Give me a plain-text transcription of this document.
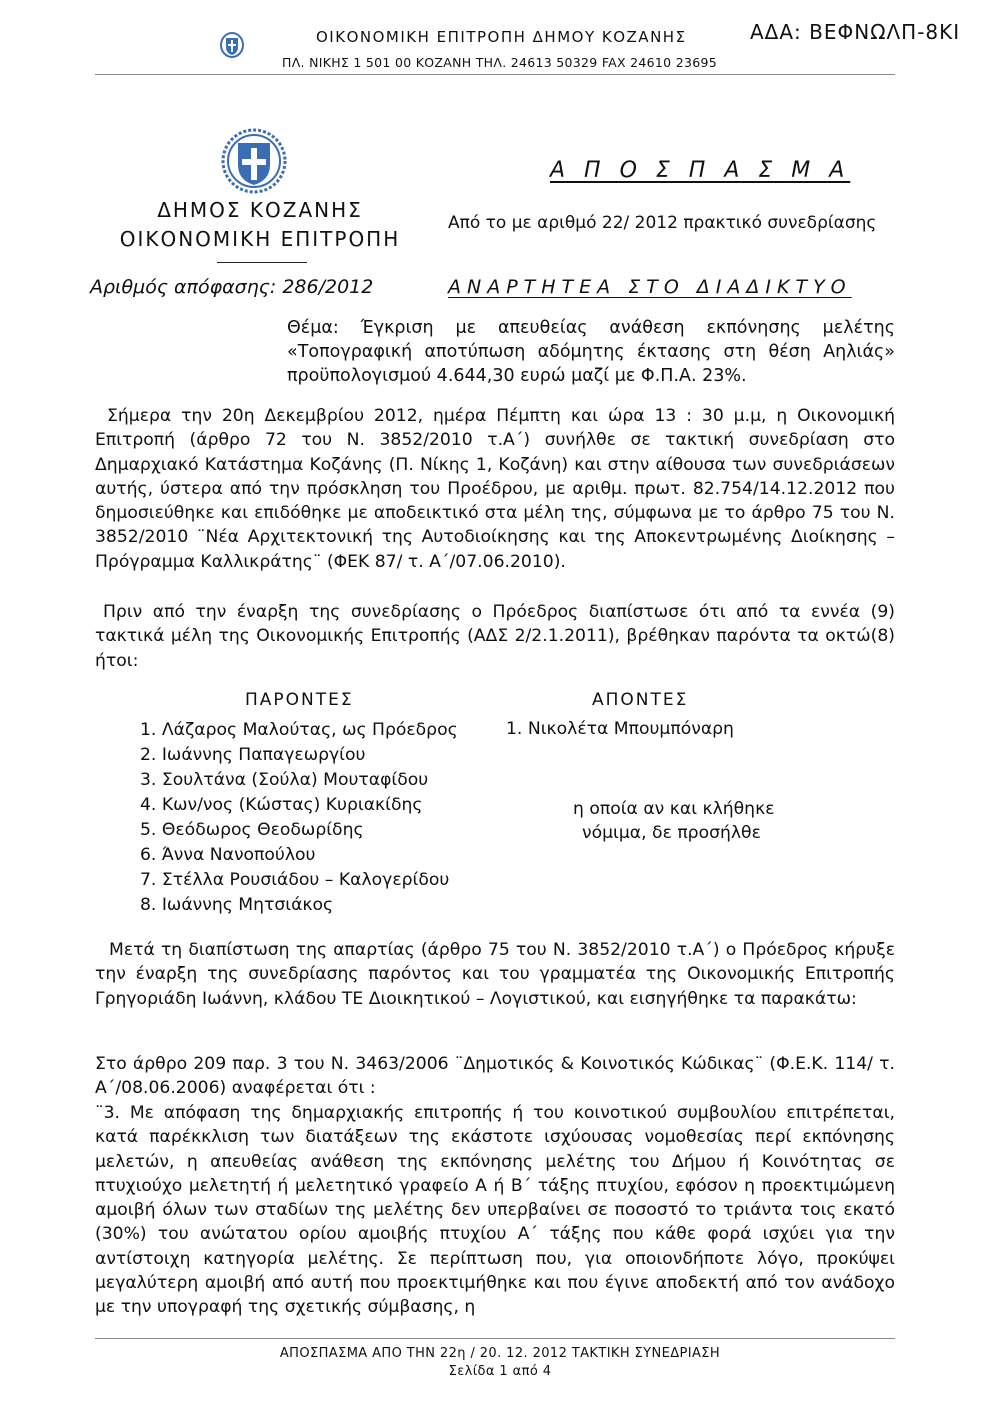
ΟΙΚΟΝΟΜΙΚΗ ΕΠΙΤΡΟΠΗ ΔΗΜΟΥ ΚΟΖΑΝΗΣ
ΠΛ. ΝΙΚΗΣ 1 501 00 ΚΟΖΑΝΗ ΤΗΛ. 24613 50329 FAX 24610 23695
ΑΔΑ: ΒΕΦΝΩΛΠ-8ΚΙ
ΔΗΜΟΣ ΚΟΖΑΝΗΣ
ΟΙΚΟΝΟΜΙΚΗ ΕΠΙΤΡΟΠΗ
Αριθμός απόφασης: 286/2012
Α Π Ο Σ Π Α Σ Μ Α
Από το με αριθμό 22/ 2012 πρακτικό συνεδρίασης
ΑΝΑΡΤΗΤΕΑ ΣΤΟ ΔΙΑΔΙΚΤΥΟ

Θέμα: Έγκριση με απευθείας ανάθεση εκπόνησης μελέτης «Τοπογραφική αποτύπωση αδόμητης έκτασης στη θέση Αηλιάς» προϋπολογισμού 4.644,30 ευρώ μαζί με Φ.Π.Α. 23%.

Σήμερα την 20η Δεκεμβρίου 2012, ημέρα Πέμπτη και ώρα 13 : 30 μ.μ, η Οικονομική Επιτροπή (άρθρο 72 του Ν. 3852/2010 τ.Α΄) συνήλθε σε τακτική συνεδρίαση στο Δημαρχιακό Κατάστημα Κοζάνης (Π. Νίκης 1, Κοζάνη) και στην αίθουσα των συνεδριάσεων αυτής, ύστερα από την πρόσκληση του Προέδρου, με αριθμ. πρωτ. 82.754/14.12.2012 που δημοσιεύθηκε και επιδόθηκε με αποδεικτικό στα μέλη της, σύμφωνα με το άρθρο 75 του Ν. 3852/2010 ¨Νέα Αρχιτεκτονική της Αυτοδιοίκησης και της Αποκεντρωμένης Διοίκησης – Πρόγραμμα Καλλικράτης¨ (ΦΕΚ 87/ τ. Α΄/07.06.2010).

Πριν από την έναρξη της συνεδρίασης ο Πρόεδρος διαπίστωσε ότι από τα εννέα (9) τακτικά μέλη της Οικονομικής Επιτροπής (ΑΔΣ 2/2.1.2011), βρέθηκαν παρόντα τα οκτώ(8) ήτοι:

ΠΑΡΟΝΤΕΣ	ΑΠΟΝΤΕΣ
1. Λάζαρος Μαλούτας, ως Πρόεδρος
2. Ιωάννης Παπαγεωργίου
3. Σουλτάνα (Σούλα) Μουταφίδου
4. Κων/νος (Κώστας) Κυριακίδης
5. Θεόδωρος Θεοδωρίδης
6. Άννα Νανοπούλου
7. Στέλλα Ρουσιάδου – Καλογερίδου
8. Ιωάννης Μητσιάκος
1. Νικολέτα Μπουμπόναρη
η οποία αν και κλήθηκε
νόμιμα, δε προσήλθε

Μετά τη διαπίστωση της απαρτίας (άρθρο 75 του Ν. 3852/2010 τ.Α΄) ο Πρόεδρος κήρυξε την έναρξη της συνεδρίασης παρόντος και του γραμματέα της Οικονομικής Επιτροπής Γρηγοριάδη Ιωάννη, κλάδου ΤΕ Διοικητικού – Λογιστικού, και εισηγήθηκε τα παρακάτω:

Στο άρθρο 209 παρ. 3 του Ν. 3463/2006 ¨Δημοτικός & Κοινοτικός Κώδικας¨ (Φ.Ε.Κ. 114/ τ. Α΄/08.06.2006) αναφέρεται ότι :

¨3. Με απόφαση της δημαρχιακής επιτροπής ή του κοινοτικού συμβουλίου επιτρέπεται, κατά παρέκκλιση των διατάξεων της εκάστοτε ισχύουσας νομοθεσίας περί εκπόνησης μελετών, η απευθείας ανάθεση της εκπόνησης μελέτης του Δήμου ή Κοινότητας σε πτυχιούχο μελετητή ή μελετητικό γραφείο Α ή Β΄ τάξης πτυχίου, εφόσον η προεκτιμώμενη αμοιβή όλων των σταδίων της μελέτης δεν υπερβαίνει σε ποσοστό το τριάντα τοις εκατό (30%) του ανώτατου ορίου αμοιβής πτυχίου Α΄ τάξης που κάθε φορά ισχύει για την αντίστοιχη κατηγορία μελέτης. Σε περίπτωση που, για οποιονδήποτε λόγο, προκύψει μεγαλύτερη αμοιβή από αυτή που προεκτιμήθηκε και που έγινε αποδεκτή από τον ανάδοχο με την υπογραφή της σχετικής σύμβασης, η

ΑΠΟΣΠΑΣΜΑ ΑΠΟ ΤΗΝ 22η / 20. 12. 2012 ΤΑΚΤΙΚΗ ΣΥΝΕΔΡΙΑΣΗ
Σελίδα 1 από 4
